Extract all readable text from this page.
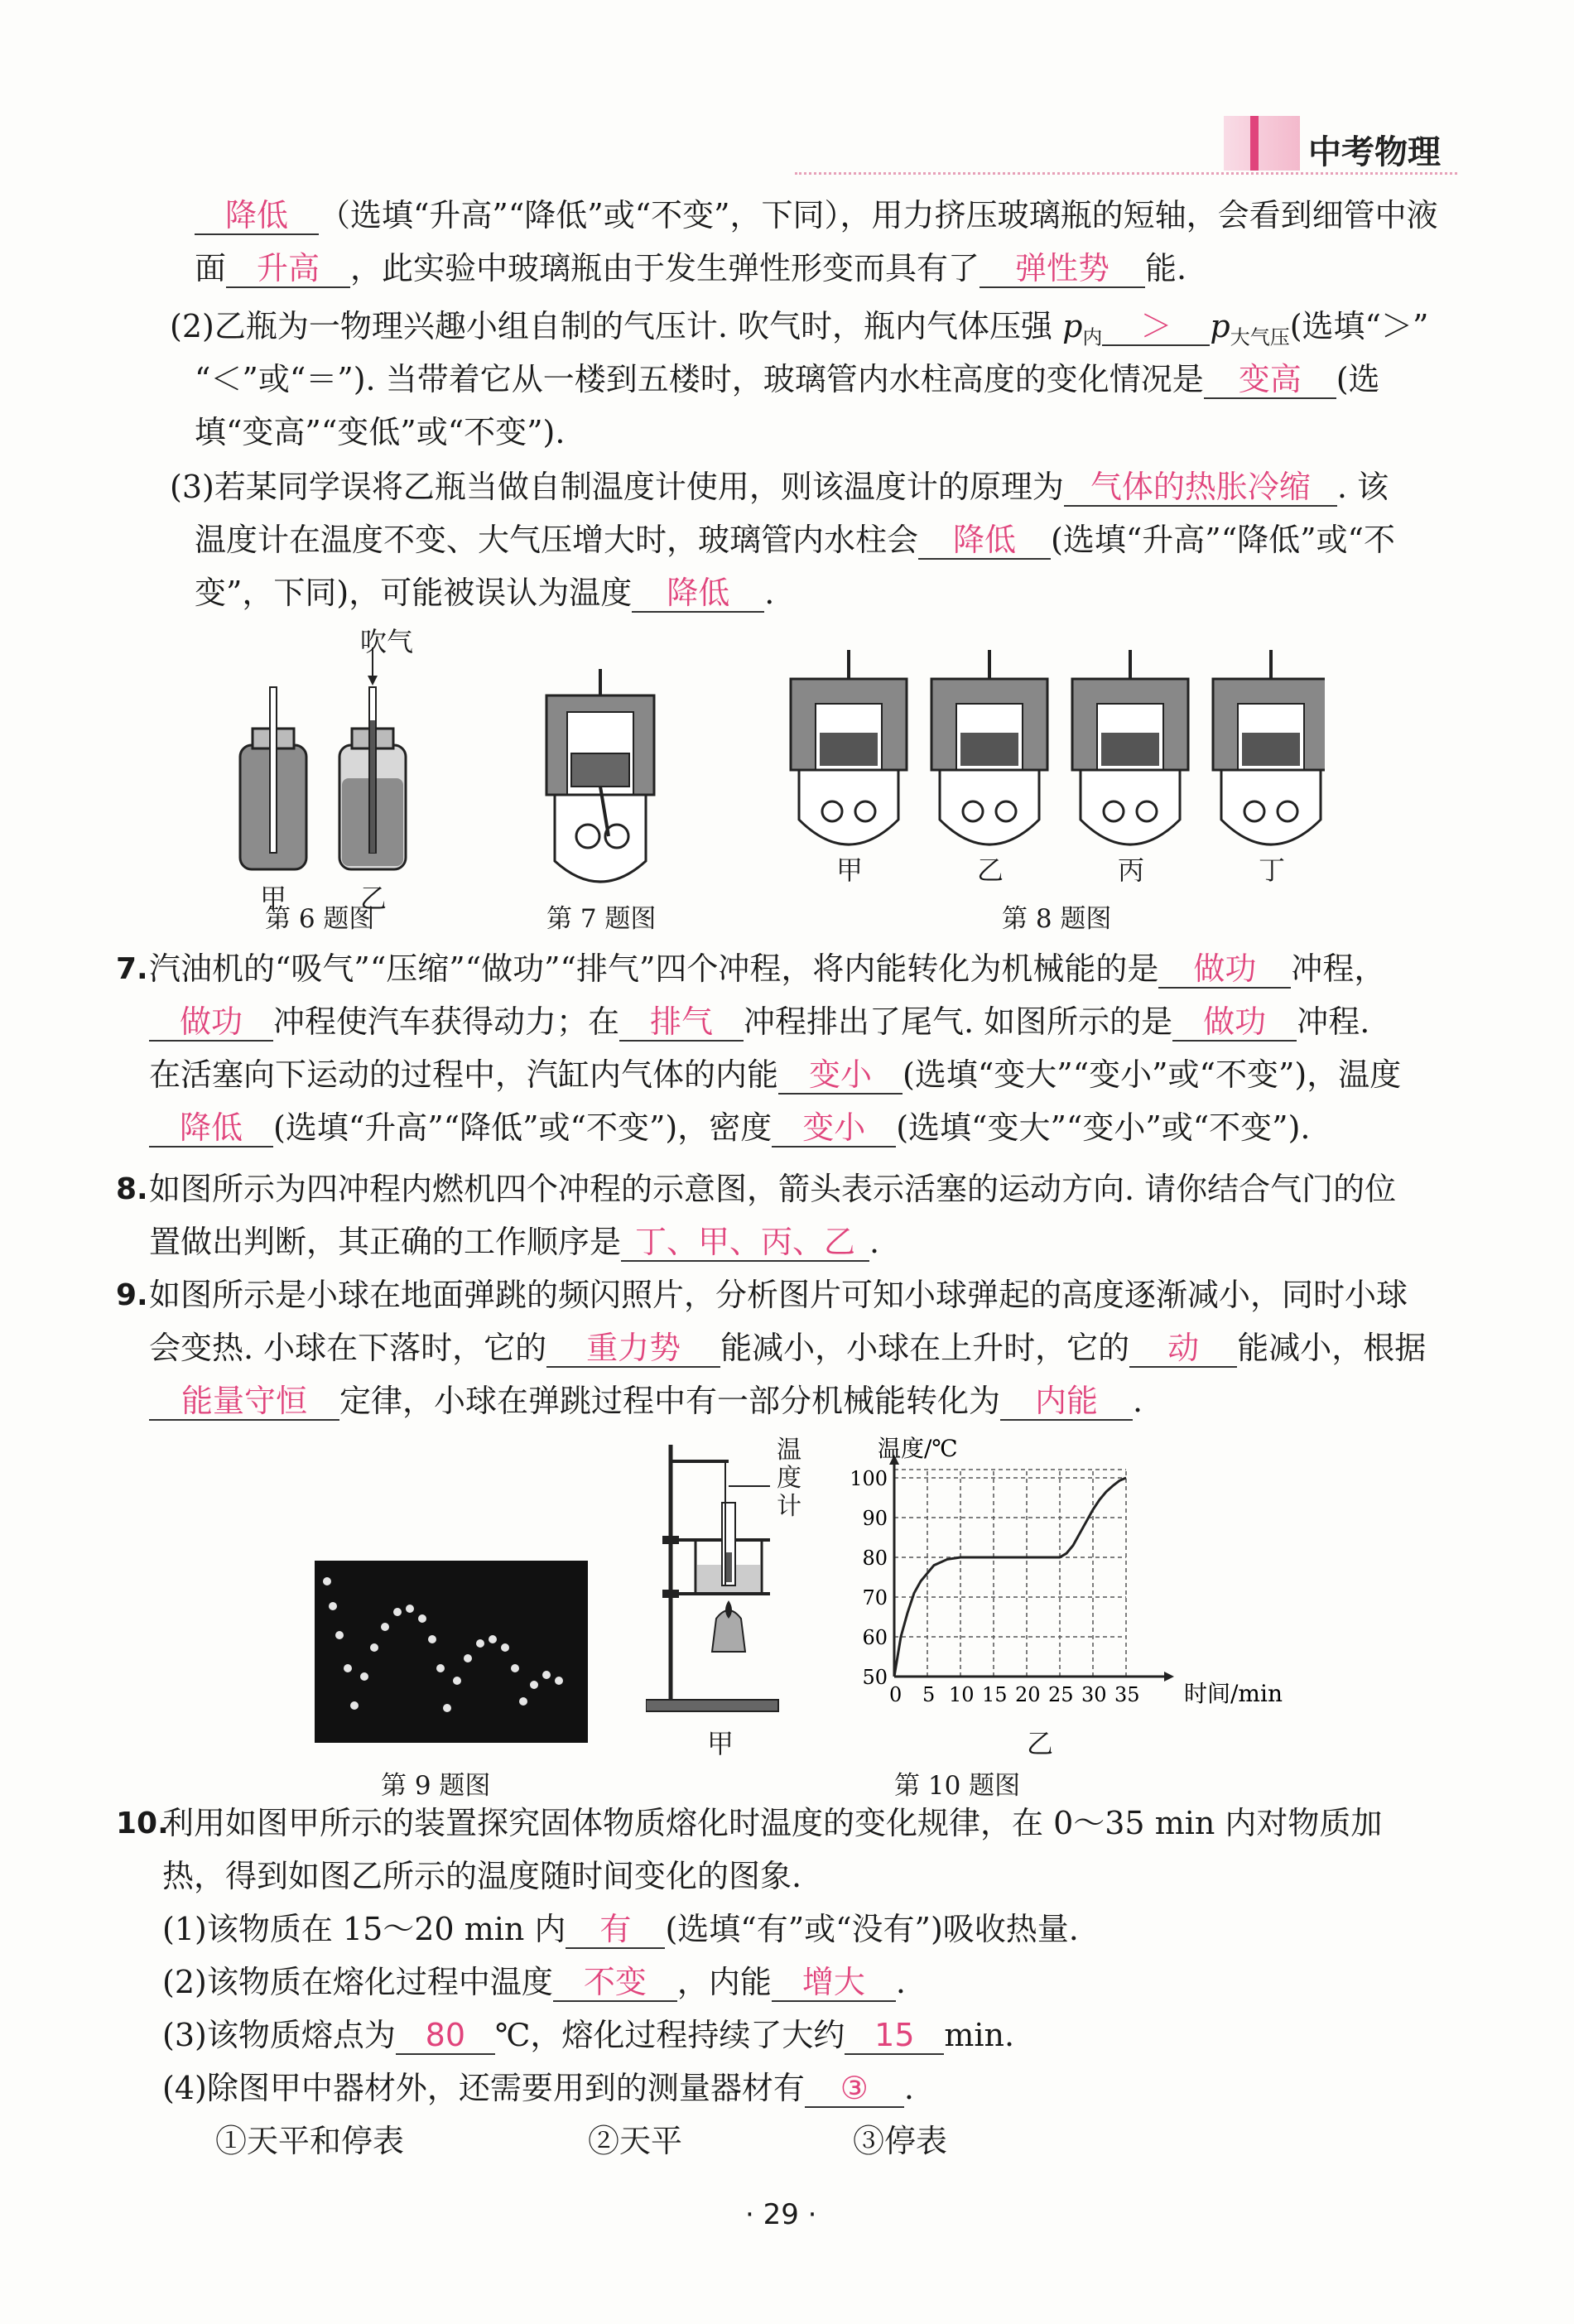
中考物理
降低 （选填“升高”“降低”或“不变”，下同），用力挤压玻璃瓶的短轴，会看到细管中液
面 升高 ，此实验中玻璃瓶由于发生弹性形变而具有了 弹性势 能.
(2)乙瓶为一物理兴趣小组自制的气压计. 吹气时，瓶内气体压强 $p_内 > p_{大气压}$(选填“＞”
“＜”或“＝”). 当带着它从一楼到五楼时，玻璃管内水柱高度的变化情况是 变高 (选
填“变高”“变低”或“不变”).
(3)若某同学误将乙瓶当做自制温度计使用，则该温度计的原理为 气体的热胀冷缩 . 该
温度计在温度不变、大气压增大时，玻璃管内水柱会 降低 (选填“升高”“降低”或“不
变”，下同)，可能被误认为温度 降低 .
吹气
甲	乙
甲	乙	丙	丁
第 6 题图	第 7 题图	第 8 题图
7. 汽油机的“吸气”“压缩”“做功”“排气”四个冲程，将内能转化为机械能的是 做功 冲程，
做功 冲程使汽车获得动力；在 排气 冲程排出了尾气. 如图所示的是 做功 冲程.
在活塞向下运动的过程中，汽缸内气体的内能 变小 (选填“变大”“变小”或“不变”)，温度
降低 (选填“升高”“降低”或“不变”)，密度 变小 (选填“变大”“变小”或“不变”).
8. 如图所示为四冲程内燃机四个冲程的示意图，箭头表示活塞的运动方向. 请你结合气门的位
置做出判断，其正确的工作顺序是 丁、甲、丙、乙 .
9. 如图所示是小球在地面弹跳的频闪照片，分析图片可知小球弹起的高度逐渐减小，同时小球
会变热. 小球在下落时，它的 重力势 能减小，小球在上升时，它的 动 能减小，根据
能量守恒 定律，小球在弹跳过程中有一部分机械能转化为 内能 .
第 9 题图
温
度
计
甲
0 5 10 15 20 25 30 35
50
60
70
80
90
100
温度/℃
时间/min
乙
第 10 题图
10.
利用如图甲所示的装置探究固体物质熔化时温度的变化规律，在 0～35 min 内对物质加
热，得到如图乙所示的温度随时间变化的图象.
(1)该物质在 15～20 min 内 有 (选填“有”或“没有”)吸收热量.
(2)该物质在熔化过程中温度 不变 ，内能 增大 .
(3)该物质熔点为 80 ℃，熔化过程持续了大约 15 min.
(4)除图甲中器材外，还需要用到的测量器材有 ③ .
①天平和停表	②天平	③停表
· 29 ·
